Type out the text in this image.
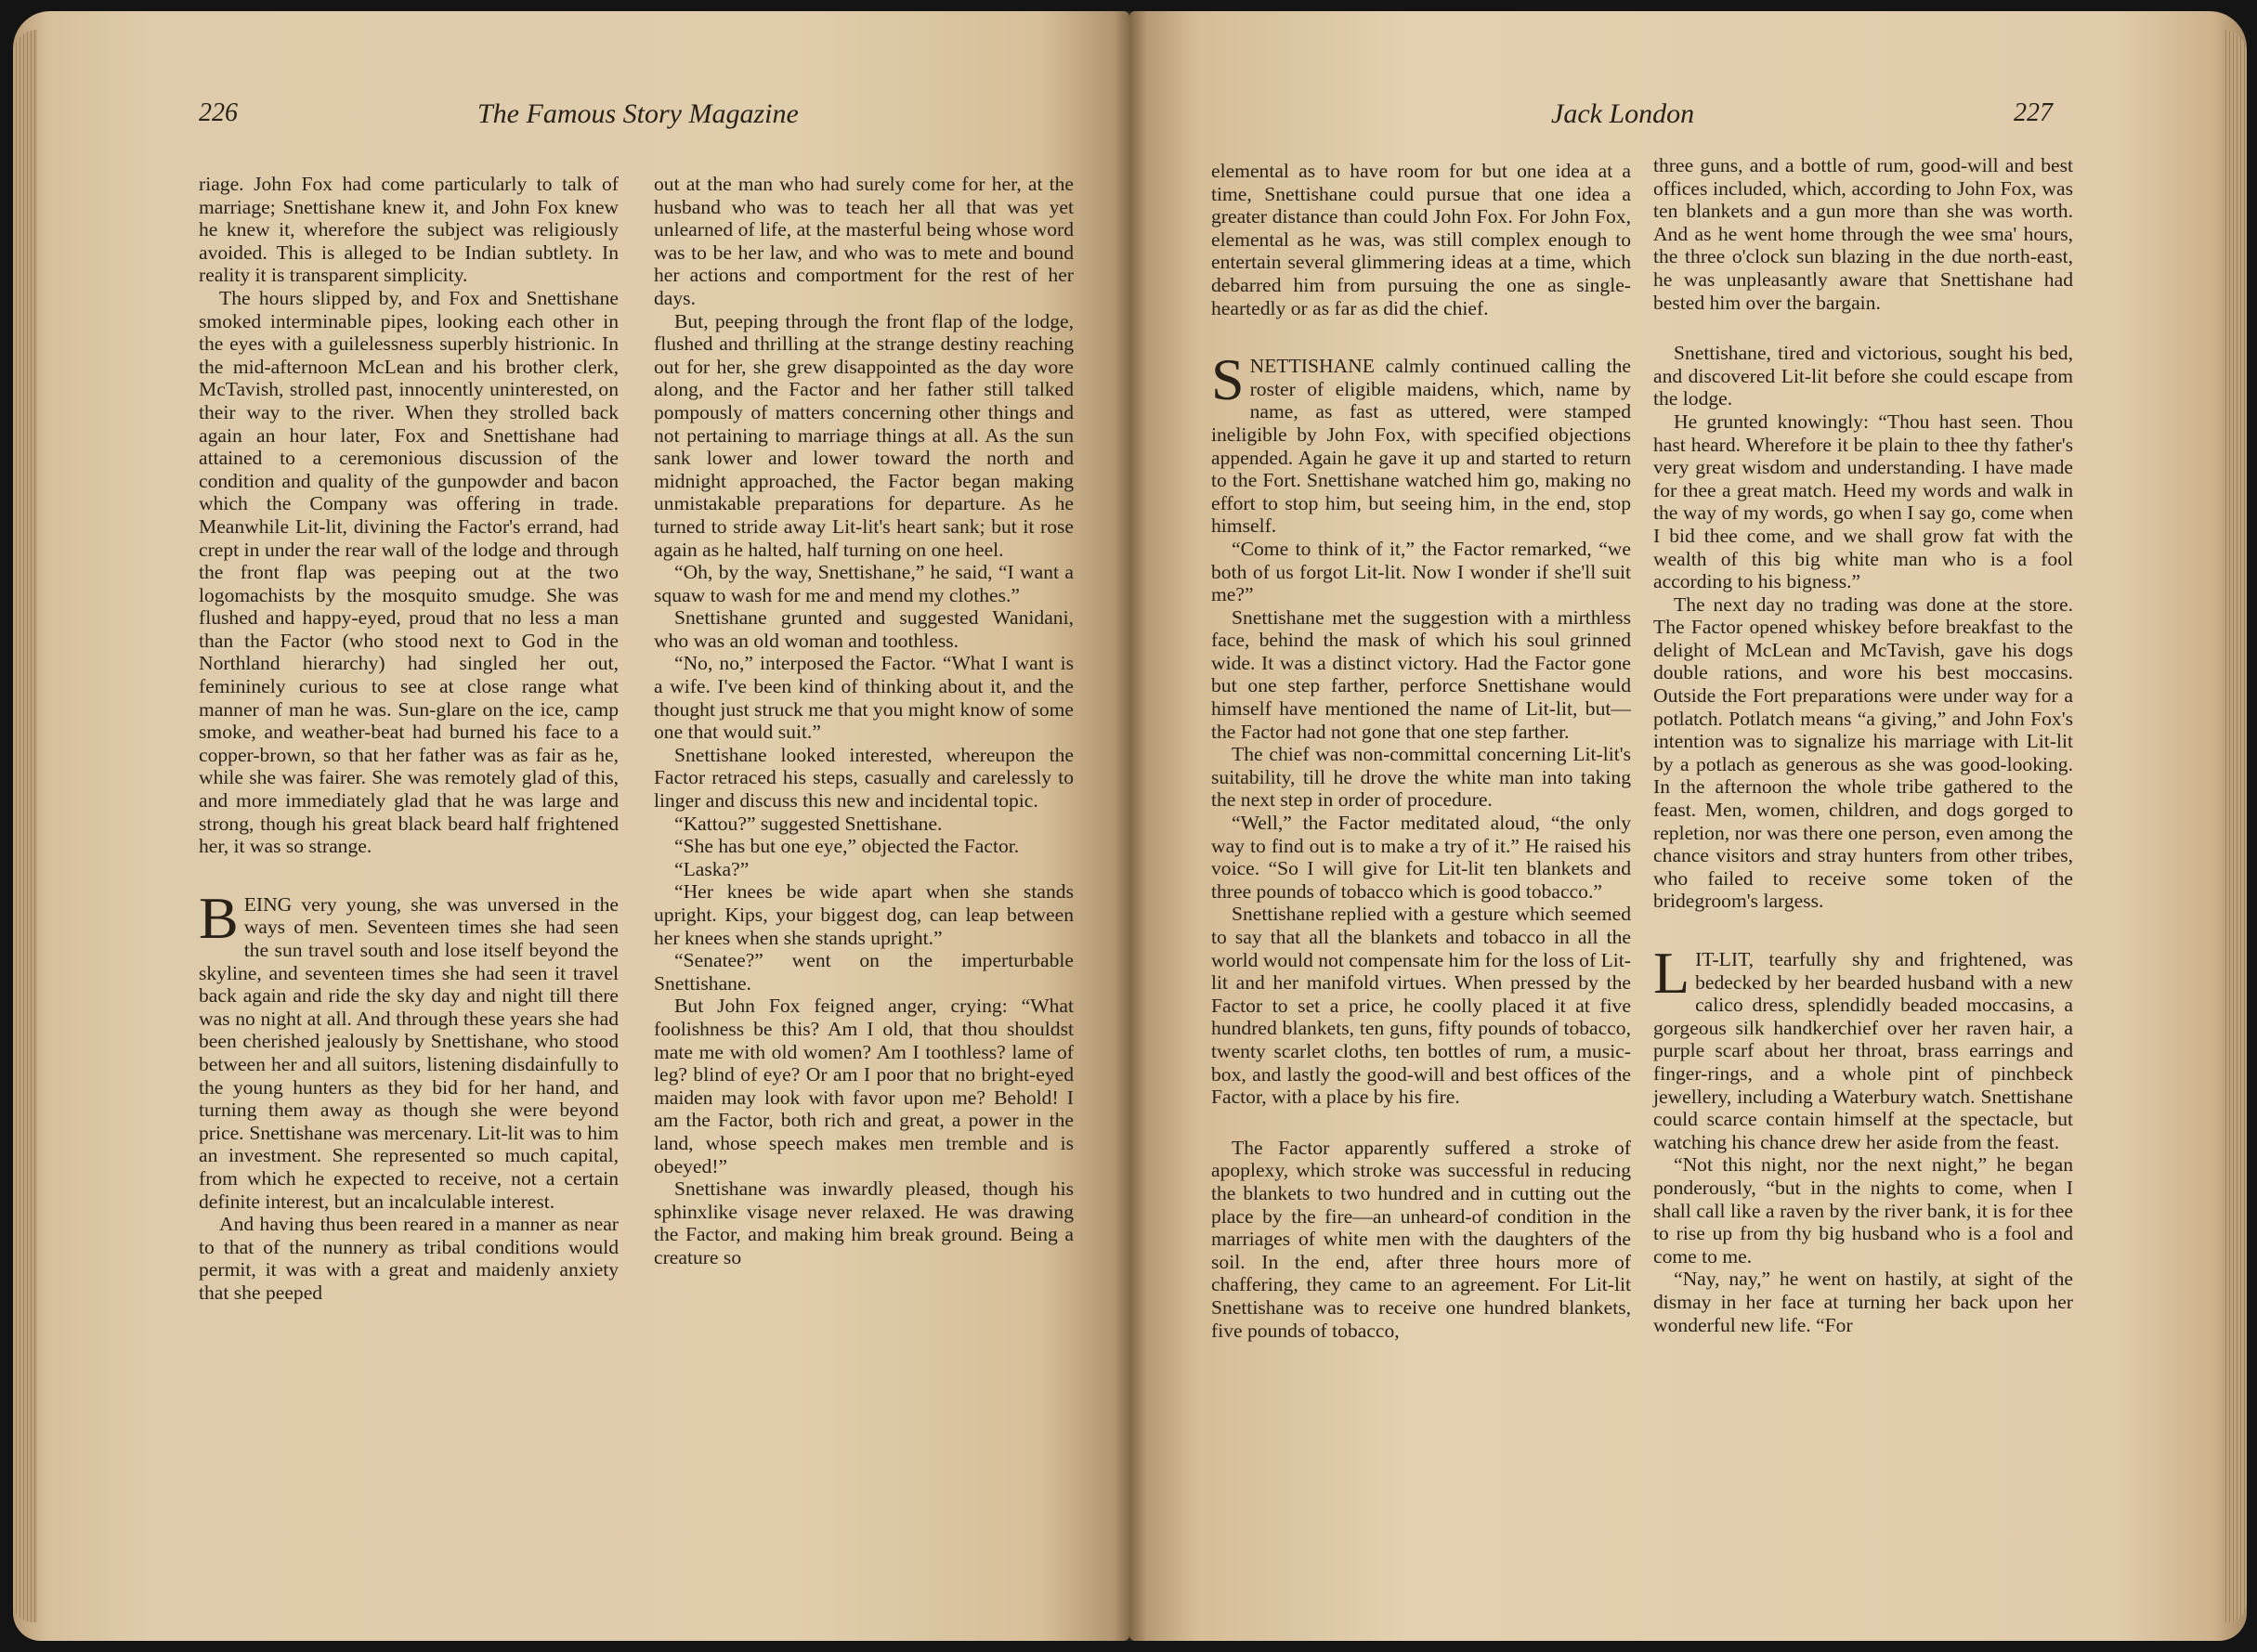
226	The Famous Story Magazine

riage. John Fox had come particularly to talk of marriage; Snettishane knew it, and John Fox knew he knew it, wherefore the subject was religiously avoided. This is alleged to be Indian subtlety. In reality it is transparent simplicity.

The hours slipped by, and Fox and Snettishane smoked interminable pipes, looking each other in the eyes with a guilelessness superbly histrionic. In the mid-afternoon McLean and his brother clerk, McTavish, strolled past, innocently uninterested, on their way to the river. When they strolled back again an hour later, Fox and Snettishane had attained to a ceremonious discussion of the condition and quality of the gunpowder and bacon which the Company was offering in trade. Meanwhile Lit-lit, divining the Factor's errand, had crept in under the rear wall of the lodge and through the front flap was peeping out at the two logomachists by the mosquito smudge. She was flushed and happy-eyed, proud that no less a man than the Factor (who stood next to God in the Northland hierarchy) had singled her out, femininely curious to see at close range what manner of man he was. Sun-glare on the ice, camp smoke, and weather-beat had burned his face to a copper-brown, so that her father was as fair as he, while she was fairer. She was remotely glad of this, and more immediately glad that he was large and strong, though his great black beard half frightened her, it was so strange.

BEING very young, she was unversed in the ways of men. Seventeen times she had seen the sun travel south and lose itself beyond the skyline, and seventeen times she had seen it travel back again and ride the sky day and night till there was no night at all. And through these years she had been cherished jealously by Snettishane, who stood between her and all suitors, listening disdainfully to the young hunters as they bid for her hand, and turning them away as though she were beyond price. Snettishane was mercenary. Lit-lit was to him an investment. She represented so much capital, from which he expected to receive, not a certain definite interest, but an incalculable interest.

And having thus been reared in a manner as near to that of the nunnery as tribal conditions would permit, it was with a great and maidenly anxiety that she peeped

out at the man who had surely come for her, at the husband who was to teach her all that was yet unlearned of life, at the masterful being whose word was to be her law, and who was to mete and bound her actions and comportment for the rest of her days.

But, peeping through the front flap of the lodge, flushed and thrilling at the strange destiny reaching out for her, she grew disappointed as the day wore along, and the Factor and her father still talked pompously of matters concerning other things and not pertaining to marriage things at all. As the sun sank lower and lower toward the north and midnight approached, the Factor began making unmistakable preparations for departure. As he turned to stride away Lit-lit's heart sank; but it rose again as he halted, half turning on one heel.

“Oh, by the way, Snettishane,” he said, “I want a squaw to wash for me and mend my clothes.”

Snettishane grunted and suggested Wanidani, who was an old woman and toothless.

“No, no,” interposed the Factor. “What I want is a wife. I've been kind of thinking about it, and the thought just struck me that you might know of some one that would suit.”

Snettishane looked interested, whereupon the Factor retraced his steps, casually and carelessly to linger and discuss this new and incidental topic.

“Kattou?” suggested Snettishane.

“She has but one eye,” objected the Factor.

“Laska?”

“Her knees be wide apart when she stands upright. Kips, your biggest dog, can leap between her knees when she stands upright.”

“Senatee?” went on the imperturbable Snettishane.

But John Fox feigned anger, crying: “What foolishness be this? Am I old, that thou shouldst mate me with old women? Am I toothless? lame of leg? blind of eye? Or am I poor that no bright-eyed maiden may look with favor upon me? Behold! I am the Factor, both rich and great, a power in the land, whose speech makes men tremble and is obeyed!”

Snettishane was inwardly pleased, though his sphinxlike visage never relaxed. He was drawing the Factor, and making him break ground. Being a creature so

Jack London	227

elemental as to have room for but one idea at a time, Snettishane could pursue that one idea a greater distance than could John Fox. For John Fox, elemental as he was, was still complex enough to entertain several glimmering ideas at a time, which debarred him from pursuing the one as single-heartedly or as far as did the chief.

SNETTISHANE calmly continued calling the roster of eligible maidens, which, name by name, as fast as uttered, were stamped ineligible by John Fox, with specified objections appended. Again he gave it up and started to return to the Fort. Snettishane watched him go, making no effort to stop him, but seeing him, in the end, stop himself.

“Come to think of it,” the Factor remarked, “we both of us forgot Lit-lit. Now I wonder if she'll suit me?”

Snettishane met the suggestion with a mirthless face, behind the mask of which his soul grinned wide. It was a distinct victory. Had the Factor gone but one step farther, perforce Snettishane would himself have mentioned the name of Lit-lit, but—the Factor had not gone that one step farther.

The chief was non-committal concerning Lit-lit's suitability, till he drove the white man into taking the next step in order of procedure.

“Well,” the Factor meditated aloud, “the only way to find out is to make a try of it.” He raised his voice. “So I will give for Lit-lit ten blankets and three pounds of tobacco which is good tobacco.”

Snettishane replied with a gesture which seemed to say that all the blankets and tobacco in all the world would not compensate him for the loss of Lit-lit and her manifold virtues. When pressed by the Factor to set a price, he coolly placed it at five hundred blankets, ten guns, fifty pounds of tobacco, twenty scarlet cloths, ten bottles of rum, a music-box, and lastly the good-will and best offices of the Factor, with a place by his fire.

The Factor apparently suffered a stroke of apoplexy, which stroke was successful in reducing the blankets to two hundred and in cutting out the place by the fire—an unheard-of condition in the marriages of white men with the daughters of the soil. In the end, after three hours more of chaffering, they came to an agreement. For Lit-lit Snettishane was to receive one hundred blankets, five pounds of tobacco,

three guns, and a bottle of rum, good-will and best offices included, which, according to John Fox, was ten blankets and a gun more than she was worth. And as he went home through the wee sma' hours, the three o'clock sun blazing in the due north-east, he was unpleasantly aware that Snettishane had bested him over the bargain.

Snettishane, tired and victorious, sought his bed, and discovered Lit-lit before she could escape from the lodge.

He grunted knowingly: “Thou hast seen. Thou hast heard. Wherefore it be plain to thee thy father's very great wisdom and understanding. I have made for thee a great match. Heed my words and walk in the way of my words, go when I say go, come when I bid thee come, and we shall grow fat with the wealth of this big white man who is a fool according to his bigness.”

The next day no trading was done at the store. The Factor opened whiskey before breakfast to the delight of McLean and McTavish, gave his dogs double rations, and wore his best moccasins. Outside the Fort preparations were under way for a potlatch. Potlatch means “a giving,” and John Fox's intention was to signalize his marriage with Lit-lit by a potlach as generous as she was good-looking. In the afternoon the whole tribe gathered to the feast. Men, women, children, and dogs gorged to repletion, nor was there one person, even among the chance visitors and stray hunters from other tribes, who failed to receive some token of the bridegroom's largess.

LIT-LIT, tearfully shy and frightened, was bedecked by her bearded husband with a new calico dress, splendidly beaded moccasins, a gorgeous silk handkerchief over her raven hair, a purple scarf about her throat, brass earrings and finger-rings, and a whole pint of pinchbeck jewellery, including a Waterbury watch. Snettishane could scarce contain himself at the spectacle, but watching his chance drew her aside from the feast.

“Not this night, nor the next night,” he began ponderously, “but in the nights to come, when I shall call like a raven by the river bank, it is for thee to rise up from thy big husband who is a fool and come to me.

“Nay, nay,” he went on hastily, at sight of the dismay in her face at turning her back upon her wonderful new life. “For
